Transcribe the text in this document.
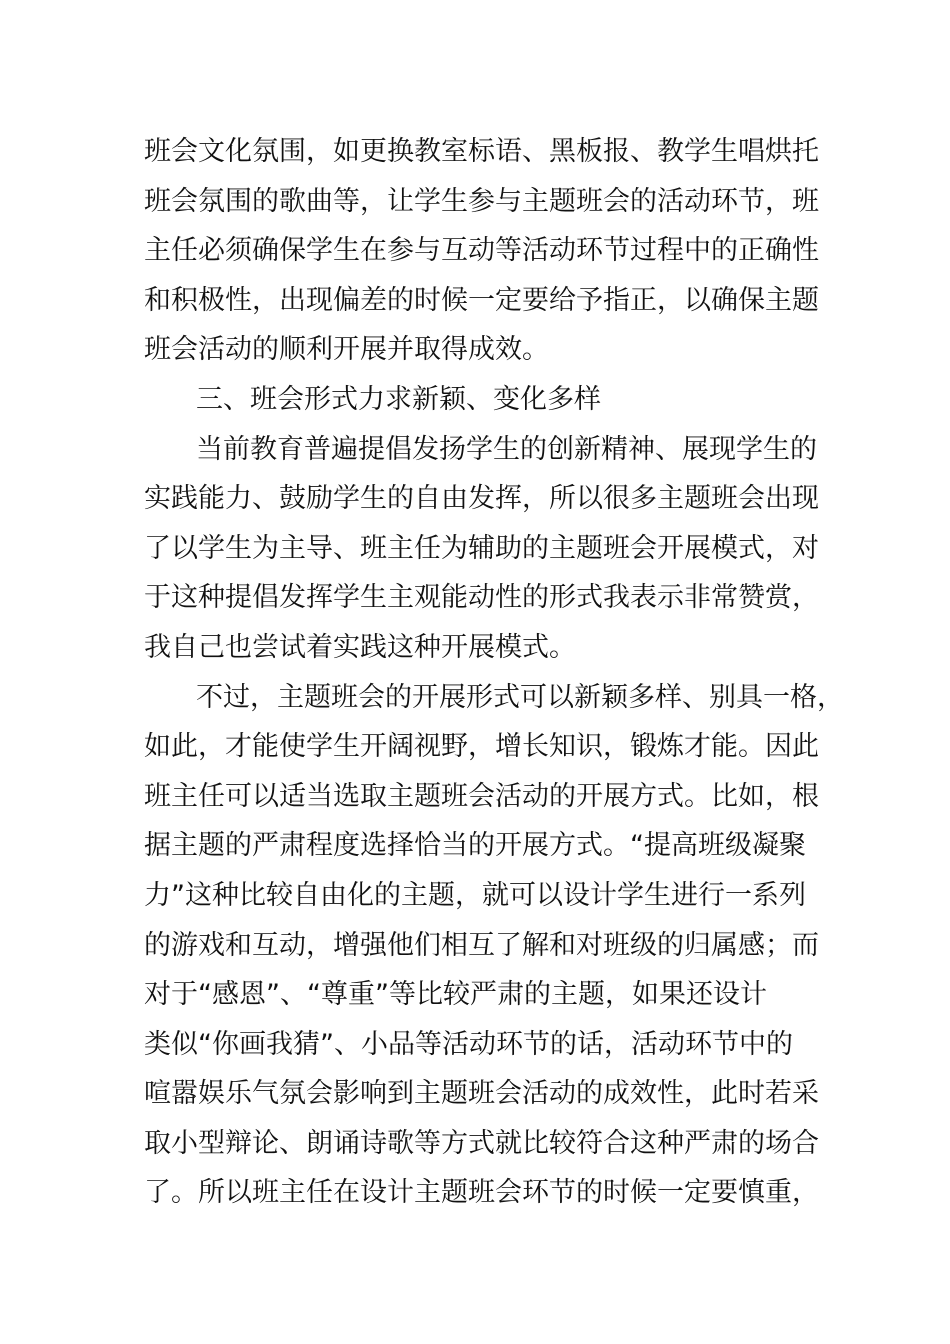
班会文化氛围，如更换教室标语、黑板报、教学生唱烘托
班会氛围的歌曲等，让学生参与主题班会的活动环节，班
主任必须确保学生在参与互动等活动环节过程中的正确性
和积极性，出现偏差的时候一定要给予指正，以确保主题
班会活动的顺利开展并取得成效。
三、班会形式力求新颖、变化多样
当前教育普遍提倡发扬学生的创新精神、展现学生的
实践能力、鼓励学生的自由发挥，所以很多主题班会出现
了以学生为主导、班主任为辅助的主题班会开展模式，对
于这种提倡发挥学生主观能动性的形式我表示非常赞赏，
我自己也尝试着实践这种开展模式。
不过，主题班会的开展形式可以新颖多样、别具一格，
如此，才能使学生开阔视野，增长知识，锻炼才能。因此
班主任可以适当选取主题班会活动的开展方式。比如，根
据主题的严肃程度选择恰当的开展方式。“提高班级凝聚
力”这种比较自由化的主题，就可以设计学生进行一系列
的游戏和互动，增强他们相互了解和对班级的归属感；而
对于“感恩”、“尊重”等比较严肃的主题，如果还设计
类似“你画我猜”、小品等活动环节的话，活动环节中的
喧嚣娱乐气氛会影响到主题班会活动的成效性，此时若采
取小型辩论、朗诵诗歌等方式就比较符合这种严肃的场合
了。所以班主任在设计主题班会环节的时候一定要慎重，
